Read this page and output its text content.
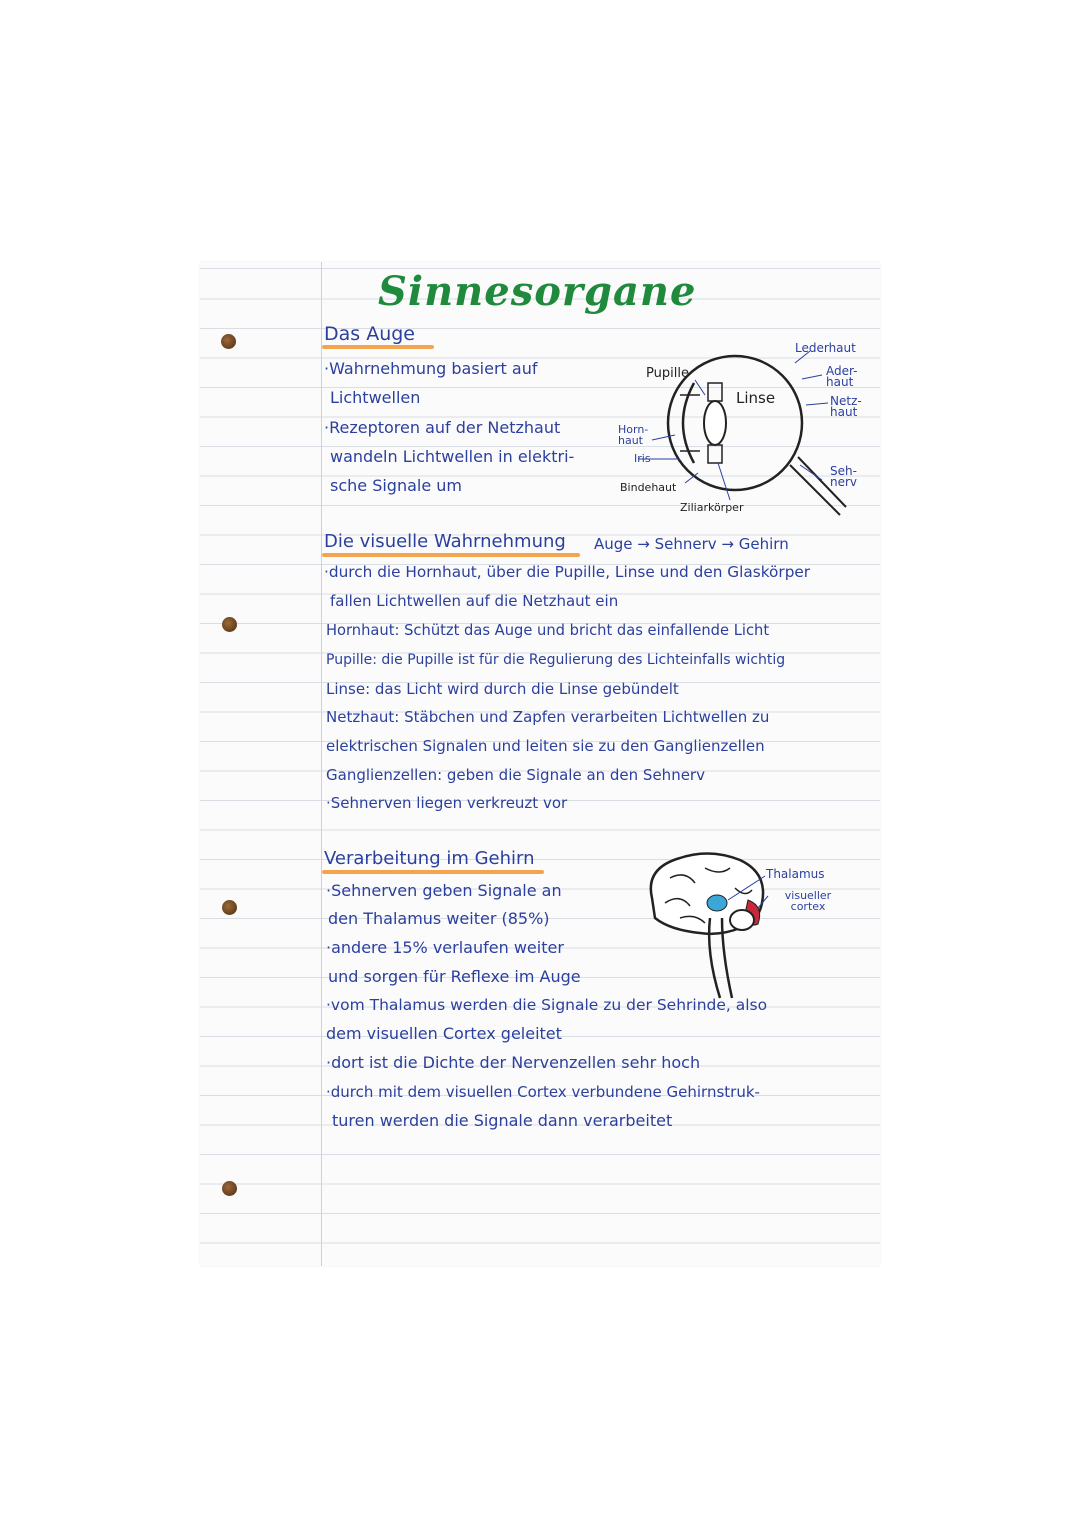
Sinnesorgane
Das Auge
·Wahrnehmung basiert auf
Lichtwellen
·Rezeptoren auf der Netzhaut
wandeln Lichtwellen in elektri-
sche Signale um
Pupille
Linse
Lederhaut
Ader-haut
Netz-haut
Horn-haut
Iris
Seh-nerv
Bindehaut
Ziliarkörper
Die visuelle Wahrnehmung Auge → Sehnerv → Gehirn
·durch die Hornhaut, über die Pupille, Linse und den Glaskörper
fallen Lichtwellen auf die Netzhaut ein
Hornhaut: Schützt das Auge und bricht das einfallende Licht
Pupille: die Pupille ist für die Regulierung des Lichteinfalls wichtig
Linse: das Licht wird durch die Linse gebündelt
Netzhaut: Stäbchen und Zapfen verarbeiten Lichtwellen zu
elektrischen Signalen und leiten sie zu den Ganglienzellen
Ganglienzellen: geben die Signale an den Sehnerv
·Sehnerven liegen verkreuzt vor
Verarbeitung im Gehirn
·Sehnerven geben Signale an
den Thalamus weiter (85%)
·andere 15% verlaufen weiter
und sorgen für Reflexe im Auge
·vom Thalamus werden die Signale zu der Sehrinde, also
dem visuellen Cortex geleitet
·dort ist die Dichte der Nervenzellen sehr hoch
·durch mit dem visuellen Cortex verbundene Gehirnstruk-
turen werden die Signale dann verarbeitet
Thalamus
visueller cortex
